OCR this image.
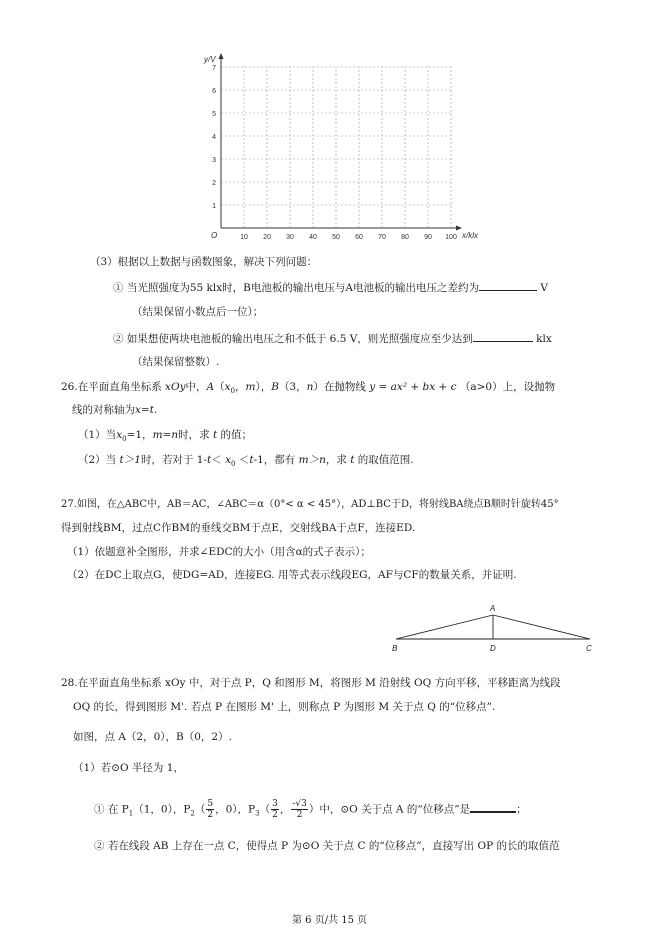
y/V
x/klx
O	10 20 30 40 50 60 70 80 90 100
1
2
3
4
5
6
7
（3）根据以上数据与函数图象，解决下列问题：
① 当光照强度为55 klx时，B电池板的输出电压与A电池板的输出电压之差约为	V
（结果保留小数点后一位）；
② 如果想使两块电池板的输出电压之和不低于 6.5 V，则光照强度应至少达到	klx
（结果保留整数）.
26.在平面直角坐标系 xOy中，$A(x_0$，m），B（3，n）在抛物线 y = ax² + bx + c （a>0）上，设抛物
线的对称轴为x=t.
（1）当$x_0=1$，m=n时，求 t 的值；
（2）当 t＞1时，若对于 $1-t< x_0 <t-1$，都有 m＞n，求 t 的取值范围.
27.如图，在△ABC中，AB＝AC，∠ABC＝α（0°< α < 45°），AD⊥BC于D，将射线BA绕点B顺时针旋转45°
得到射线BM，过点C作BM的垂线交BM于点E，交射线BA于点F，连接ED.
（1）依题意补全图形，并求∠EDC的大小（用含α的式子表示）；
（2）在DC上取点G，使DG=AD，连接EG. 用等式表示线段EG，AF与CF的数量关系，并证明.
A
B	C
D
28.在平面直角坐标系 xOy 中，对于点 P，Q 和图形 M，将图形 M 沿射线 OQ 方向平移，平移距离为线段
OQ 的长，得到图形 M'. 若点 P 在图形 M' 上，则称点 P 为图形 M 关于点 Q 的“位移点”.
如图，点 A（2，0），B（0，2）.
（1）若⊙O 半径为 1，
① 在 $P_1(1$，0），$P_2( \frac{5}{2}$ ，0），$P_3( \frac{3}{2}$ ， $\frac{-√3}{2}$ ）中，⊙O 关于点 A 的“位移点”是	；
② 若在线段 AB 上存在一点 C，使得点 P 为⊙O 关于点 C 的“位移点”，直接写出 OP 的长的取值范
第 6 页/共 15 页
